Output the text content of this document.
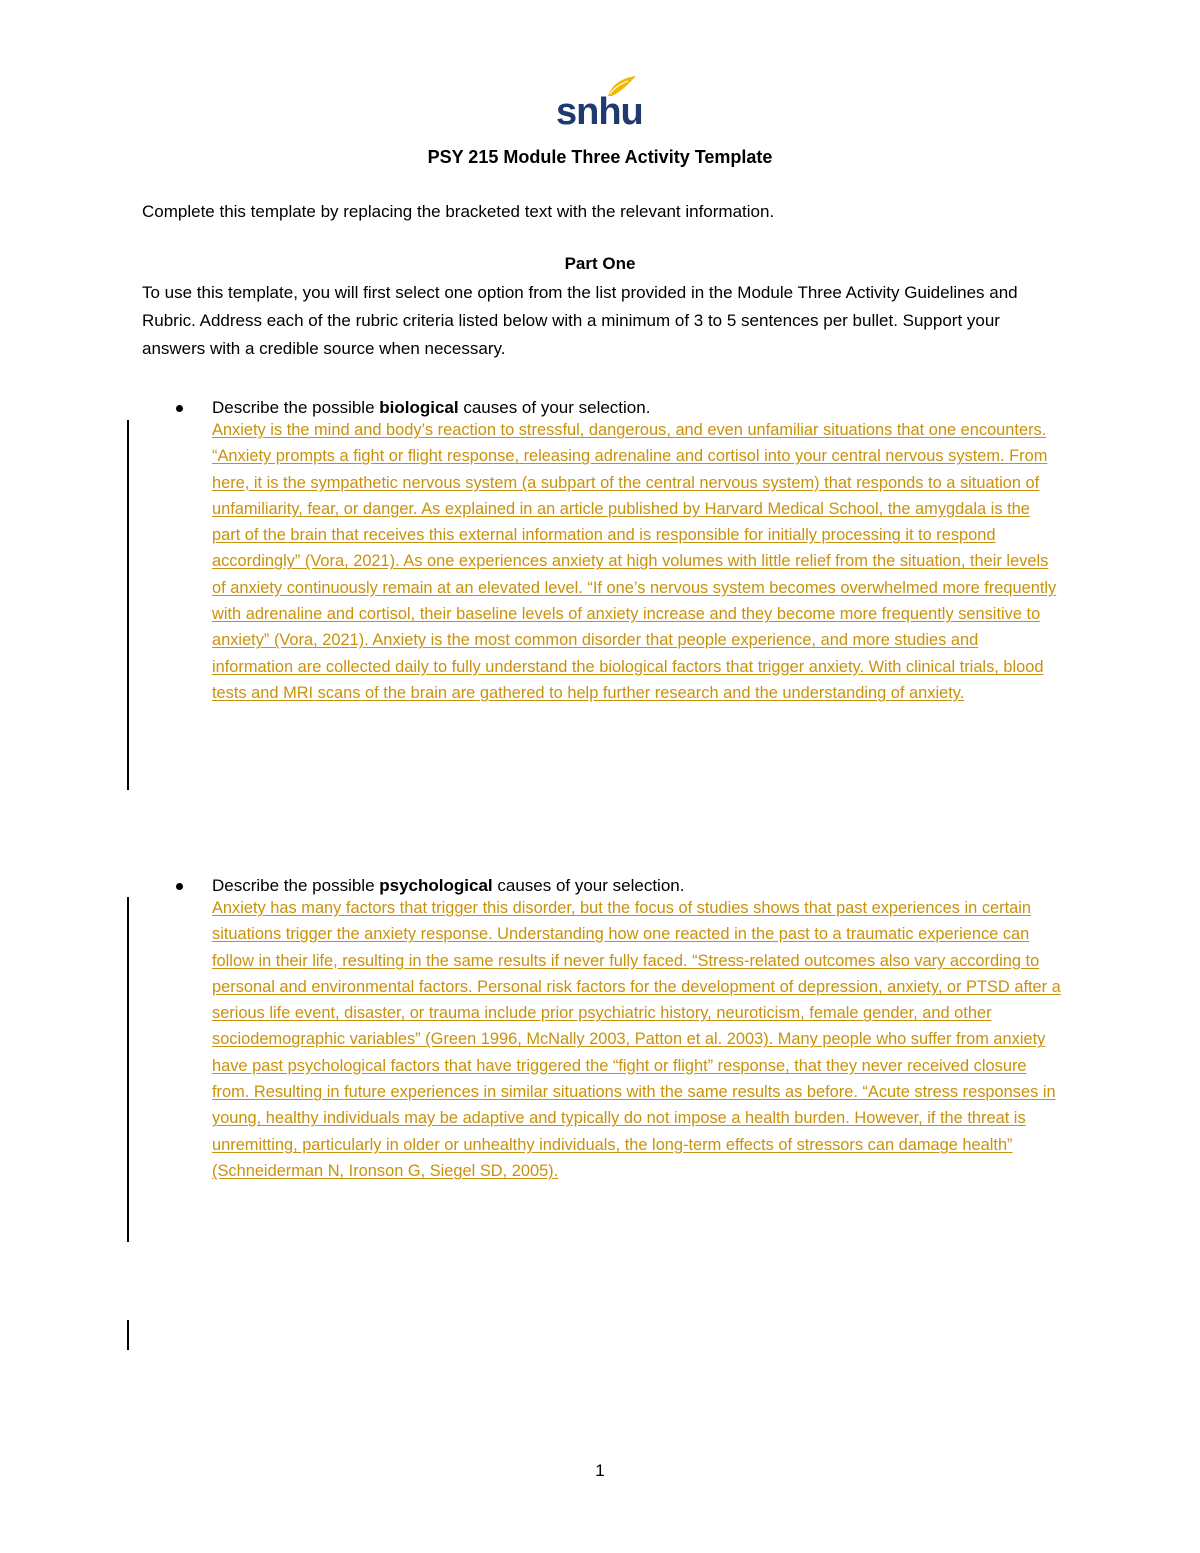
snhu
PSY 215 Module Three Activity Template
Complete this template by replacing the bracketed text with the relevant information.
Part One
To use this template, you will first select one option from the list provided in the Module Three Activity Guidelines and Rubric. Address each of the rubric criteria listed below with a minimum of 3 to 5 sentences per bullet. Support your answers with a credible source when necessary.
Describe the possible biological causes of your selection.
Anxiety is the mind and body’s reaction to stressful, dangerous, and even unfamiliar situations that one encounters. “Anxiety prompts a fight or flight response, releasing adrenaline and cortisol into your central nervous system. From here, it is the sympathetic nervous system (a subpart of the central nervous system) that responds to a situation of unfamiliarity, fear, or danger. As explained in an article published by Harvard Medical School, the amygdala is the part of the brain that receives this external information and is responsible for initially processing it to respond accordingly” (Vora, 2021). As one experiences anxiety at high volumes with little relief from the situation, their levels of anxiety continuously remain at an elevated level. “If one’s nervous system becomes overwhelmed more frequently with adrenaline and cortisol, their baseline levels of anxiety increase and they become more frequently sensitive to anxiety” (Vora, 2021). Anxiety is the most common disorder that people experience, and more studies and information are collected daily to fully understand the biological factors that trigger anxiety. With clinical trials, blood tests and MRI scans of the brain are gathered to help further research and the understanding of anxiety.
Describe the possible psychological causes of your selection.
Anxiety has many factors that trigger this disorder, but the focus of studies shows that past experiences in certain situations trigger the anxiety response. Understanding how one reacted in the past to a traumatic experience can follow in their life, resulting in the same results if never fully faced. “Stress-related outcomes also vary according to personal and environmental factors. Personal risk factors for the development of depression, anxiety, or PTSD after a serious life event, disaster, or trauma include prior psychiatric history, neuroticism, female gender, and other sociodemographic variables” (Green 1996, McNally 2003, Patton et al. 2003). Many people who suffer from anxiety have past psychological factors that have triggered the “fight or flight” response, that they never received closure from. Resulting in future experiences in similar situations with the same results as before. “Acute stress responses in young, healthy individuals may be adaptive and typically do not impose a health burden. However, if the threat is unremitting, particularly in older or unhealthy individuals, the long-term effects of stressors can damage health” (Schneiderman N, Ironson G, Siegel SD, 2005).
1
